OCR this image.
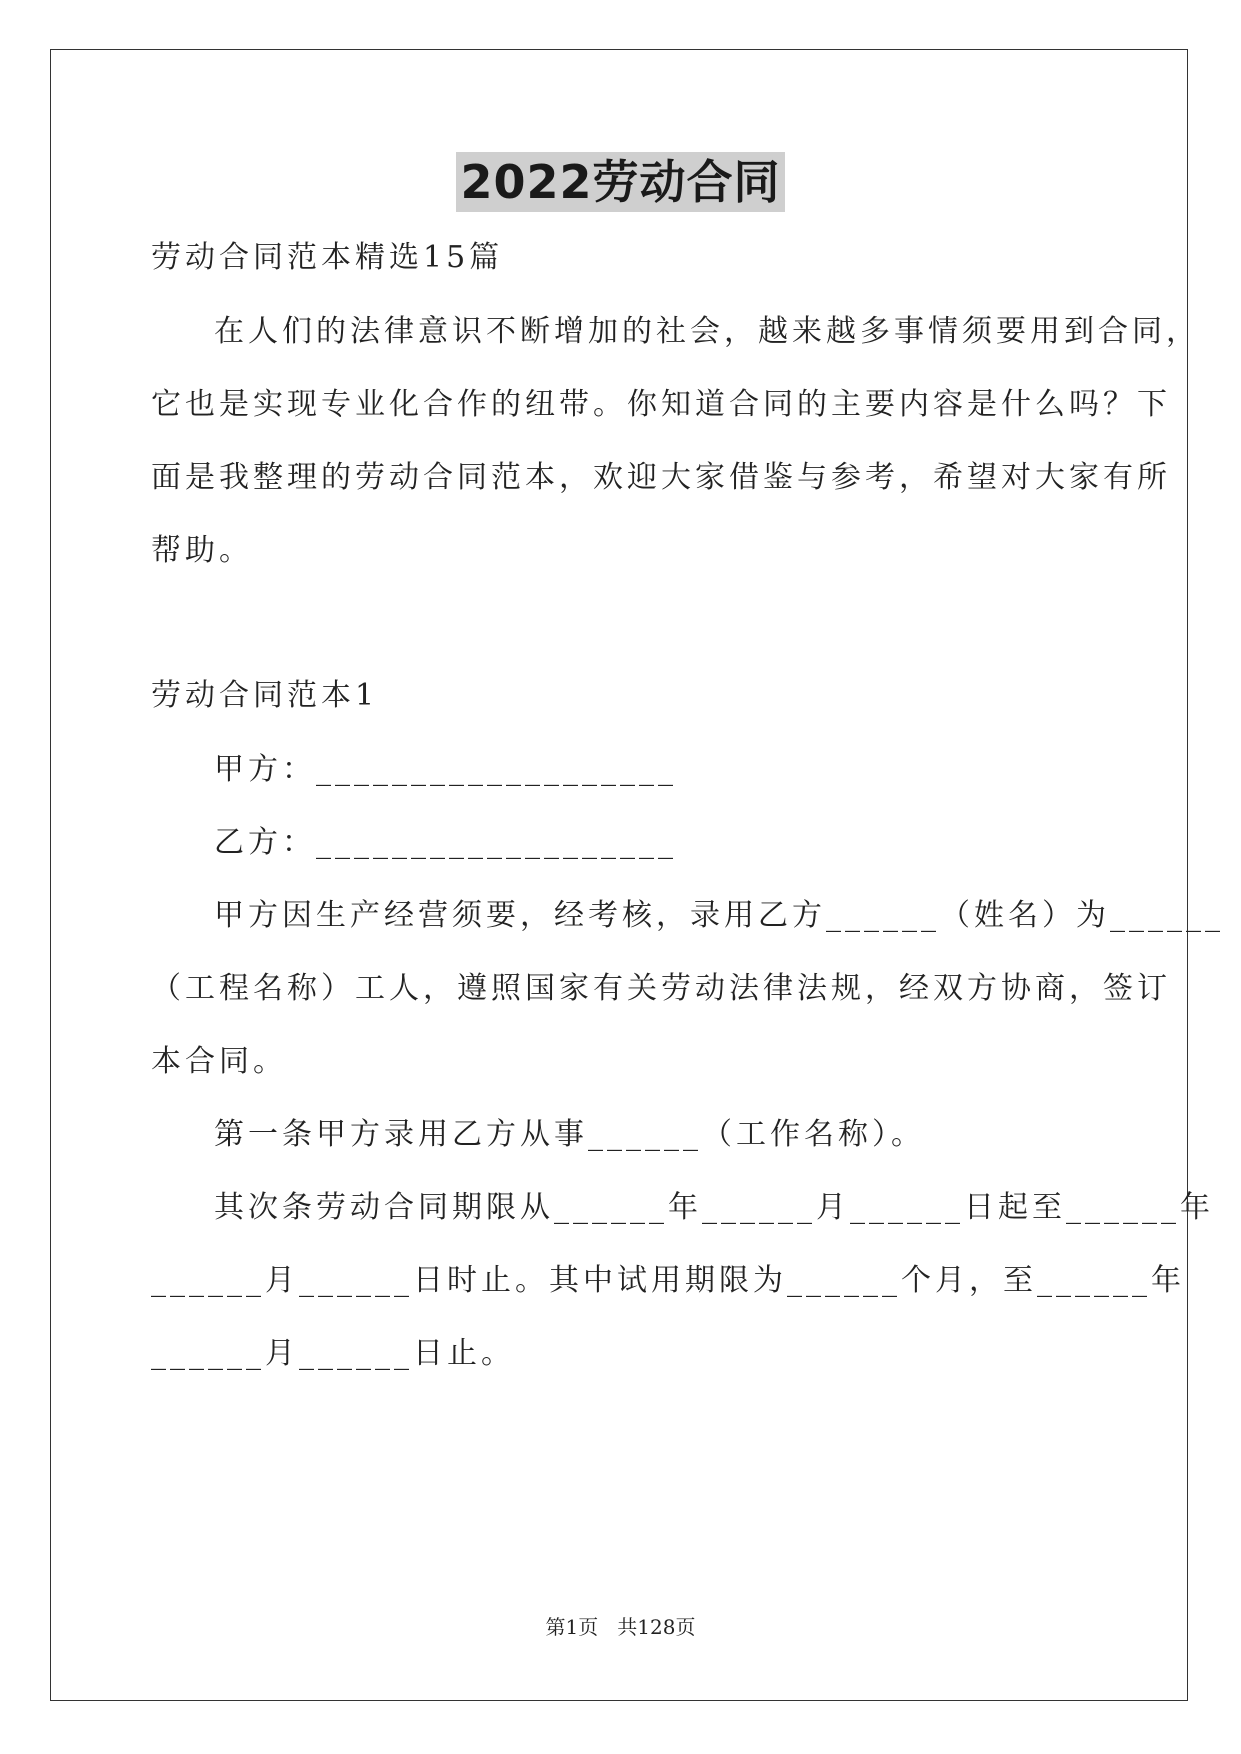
2022劳动合同
劳动合同范本精选15篇
在人们的法律意识不断增加的社会，越来越多事情须要用到合同，
它也是实现专业化合作的纽带。你知道合同的主要内容是什么吗？下
面是我整理的劳动合同范本，欢迎大家借鉴与参考，希望对大家有所
帮助。
劳动合同范本1
甲方：___________________
乙方：___________________
甲方因生产经营须要，经考核，录用乙方______（姓名）为______
（工程名称）工人，遵照国家有关劳动法律法规，经双方协商，签订
本合同。
第一条甲方录用乙方从事______（工作名称）。
其次条劳动合同期限从______年______月______日起至______年
______月______日时止。其中试用期限为______个月，至______年
______月______日止。
第1页   共128页
